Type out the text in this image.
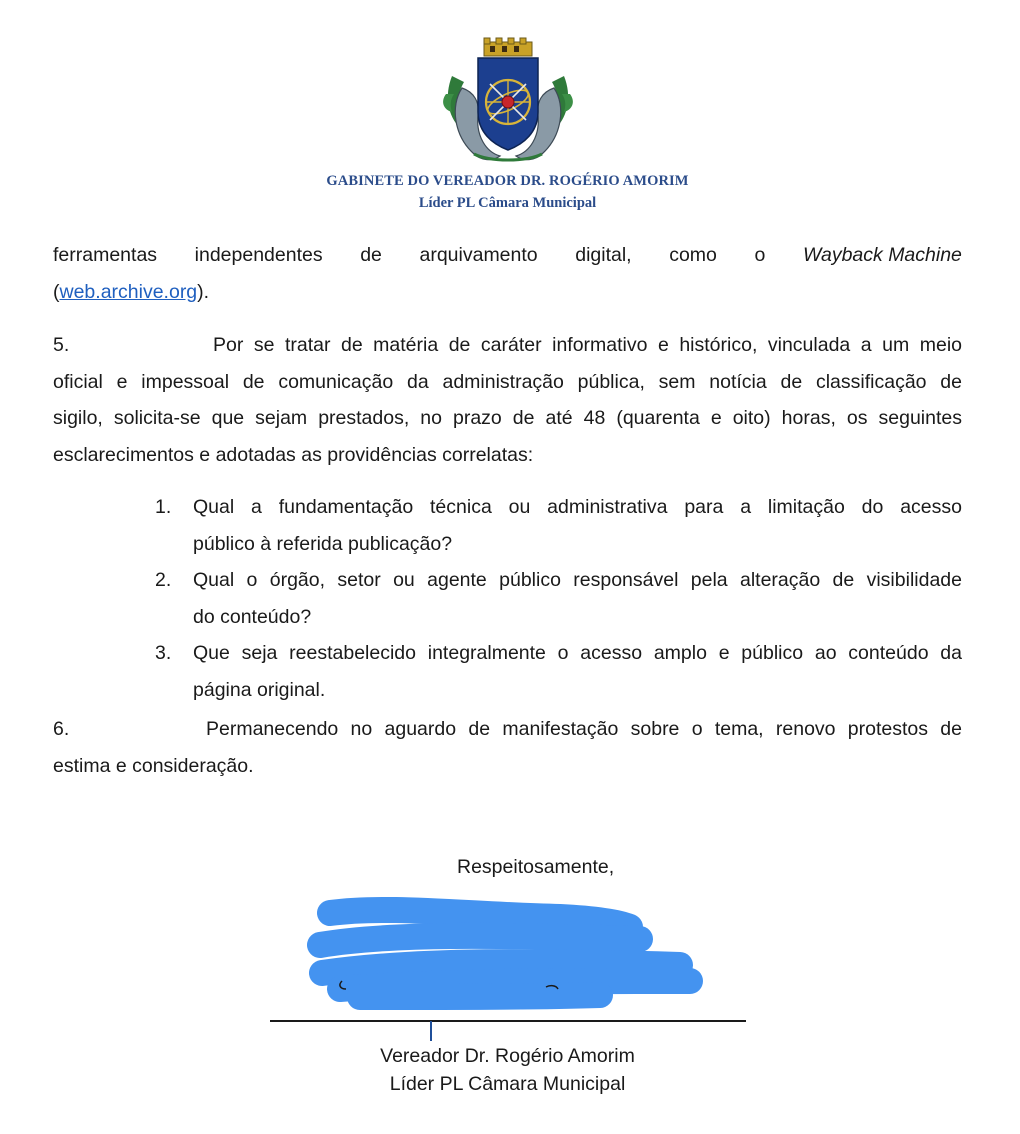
GABINETE DO VEREADOR DR. ROGÉRIO AMORIM
Líder PL Câmara Municipal
ferramentas independentes de arquivamento digital, como o Wayback Machine
(web.archive.org).
5.	Por se tratar de matéria de caráter informativo e histórico, vinculada a um meio
oficial e impessoal de comunicação da administração pública, sem notícia de classificação de
sigilo, solicita-se que sejam prestados, no prazo de até 48 (quarenta e oito) horas, os seguintes
esclarecimentos e adotadas as providências correlatas:
1. Qual a fundamentação técnica ou administrativa para a limitação do acesso
público à referida publicação?
2. Qual o órgão, setor ou agente público responsável pela alteração de visibilidade
do conteúdo?
3. Que seja reestabelecido integralmente o acesso amplo e público ao conteúdo da
página original.
6.	Permanecendo no aguardo de manifestação sobre o tema, renovo protestos de
estima e consideração.
Respeitosamente,
Vereador Dr. Rogério Amorim
Líder PL Câmara Municipal
